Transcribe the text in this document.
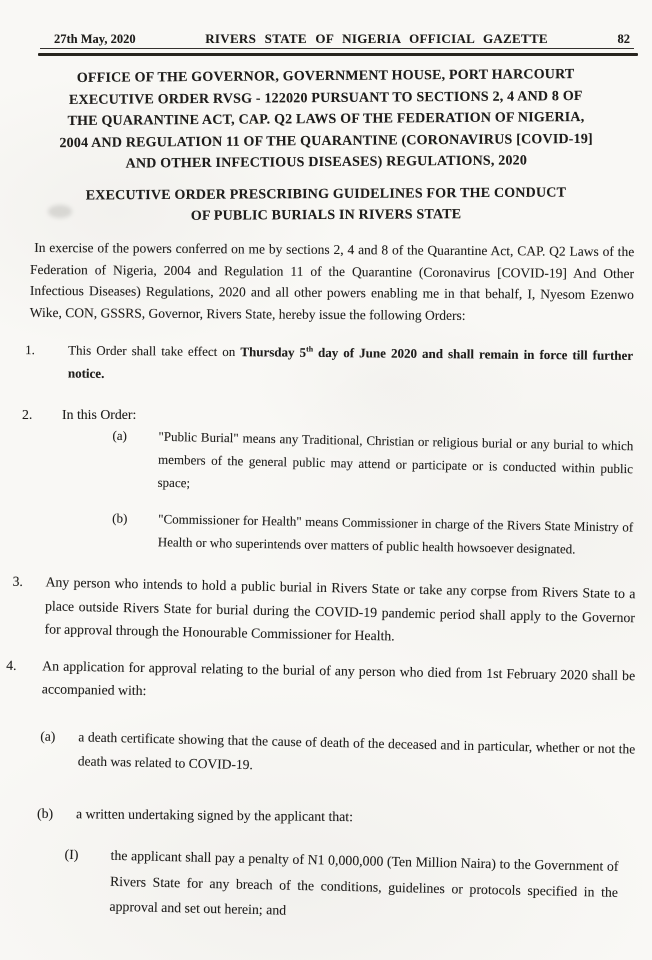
27th May, 2020	RIVERS STATE OF NIGERIA OFFICIAL GAZETTE	82
OFFICE OF THE GOVERNOR, GOVERNMENT HOUSE, PORT HARCOURT
EXECUTIVE ORDER RVSG - 122020 PURSUANT TO SECTIONS 2, 4 AND 8 OF
THE QUARANTINE ACT, CAP. Q2 LAWS OF THE FEDERATION OF NIGERIA,
2004 AND REGULATION 11 OF THE QUARANTINE (CORONAVIRUS [COVID-19]
AND OTHER INFECTIOUS DISEASES) REGULATIONS, 2020
EXECUTIVE ORDER PRESCRIBING GUIDELINES FOR THE CONDUCT
OF PUBLIC BURIALS IN RIVERS STATE

In exercise of the powers conferred on me by sections 2, 4 and 8 of the Quarantine Act, CAP. Q2 Laws of the Federation of Nigeria, 2004 and Regulation 11 of the Quarantine (Coronavirus [COVID-19] And Other Infectious Diseases) Regulations, 2020 and all other powers enabling me in that behalf, I, Nyesom Ezenwo Wike, CON, GSSRS, Governor, Rivers State, hereby issue the following Orders:

1.	This Order shall take effect on Thursday 5th day of June 2020 and shall remain in force till further notice.
2. In this Order:
(a) "Public Burial" means any Traditional, Christian or religious burial or any burial to which members of the general public may attend or participate or is conducted within public space;
(b) "Commissioner for Health" means Commissioner in charge of the Rivers State Ministry of Health or who superintends over matters of public health howsoever designated.
3. Any person who intends to hold a public burial in Rivers State or take any corpse from Rivers State to a place outside Rivers State for burial during the COVID-19 pandemic period shall apply to the Governor for approval through the Honourable Commissioner for Health.
4. An application for approval relating to the burial of any person who died from 1st February 2020 shall be accompanied with:
(a) a death certificate showing that the cause of death of the deceased and in particular, whether or not the death was related to COVID-19.
(b) a written undertaking signed by the applicant that:
(I) the applicant shall pay a penalty of N1 0,000,000 (Ten Million Naira) to the Government of Rivers State for any breach of the conditions, guidelines or protocols specified in the approval and set out herein; and
